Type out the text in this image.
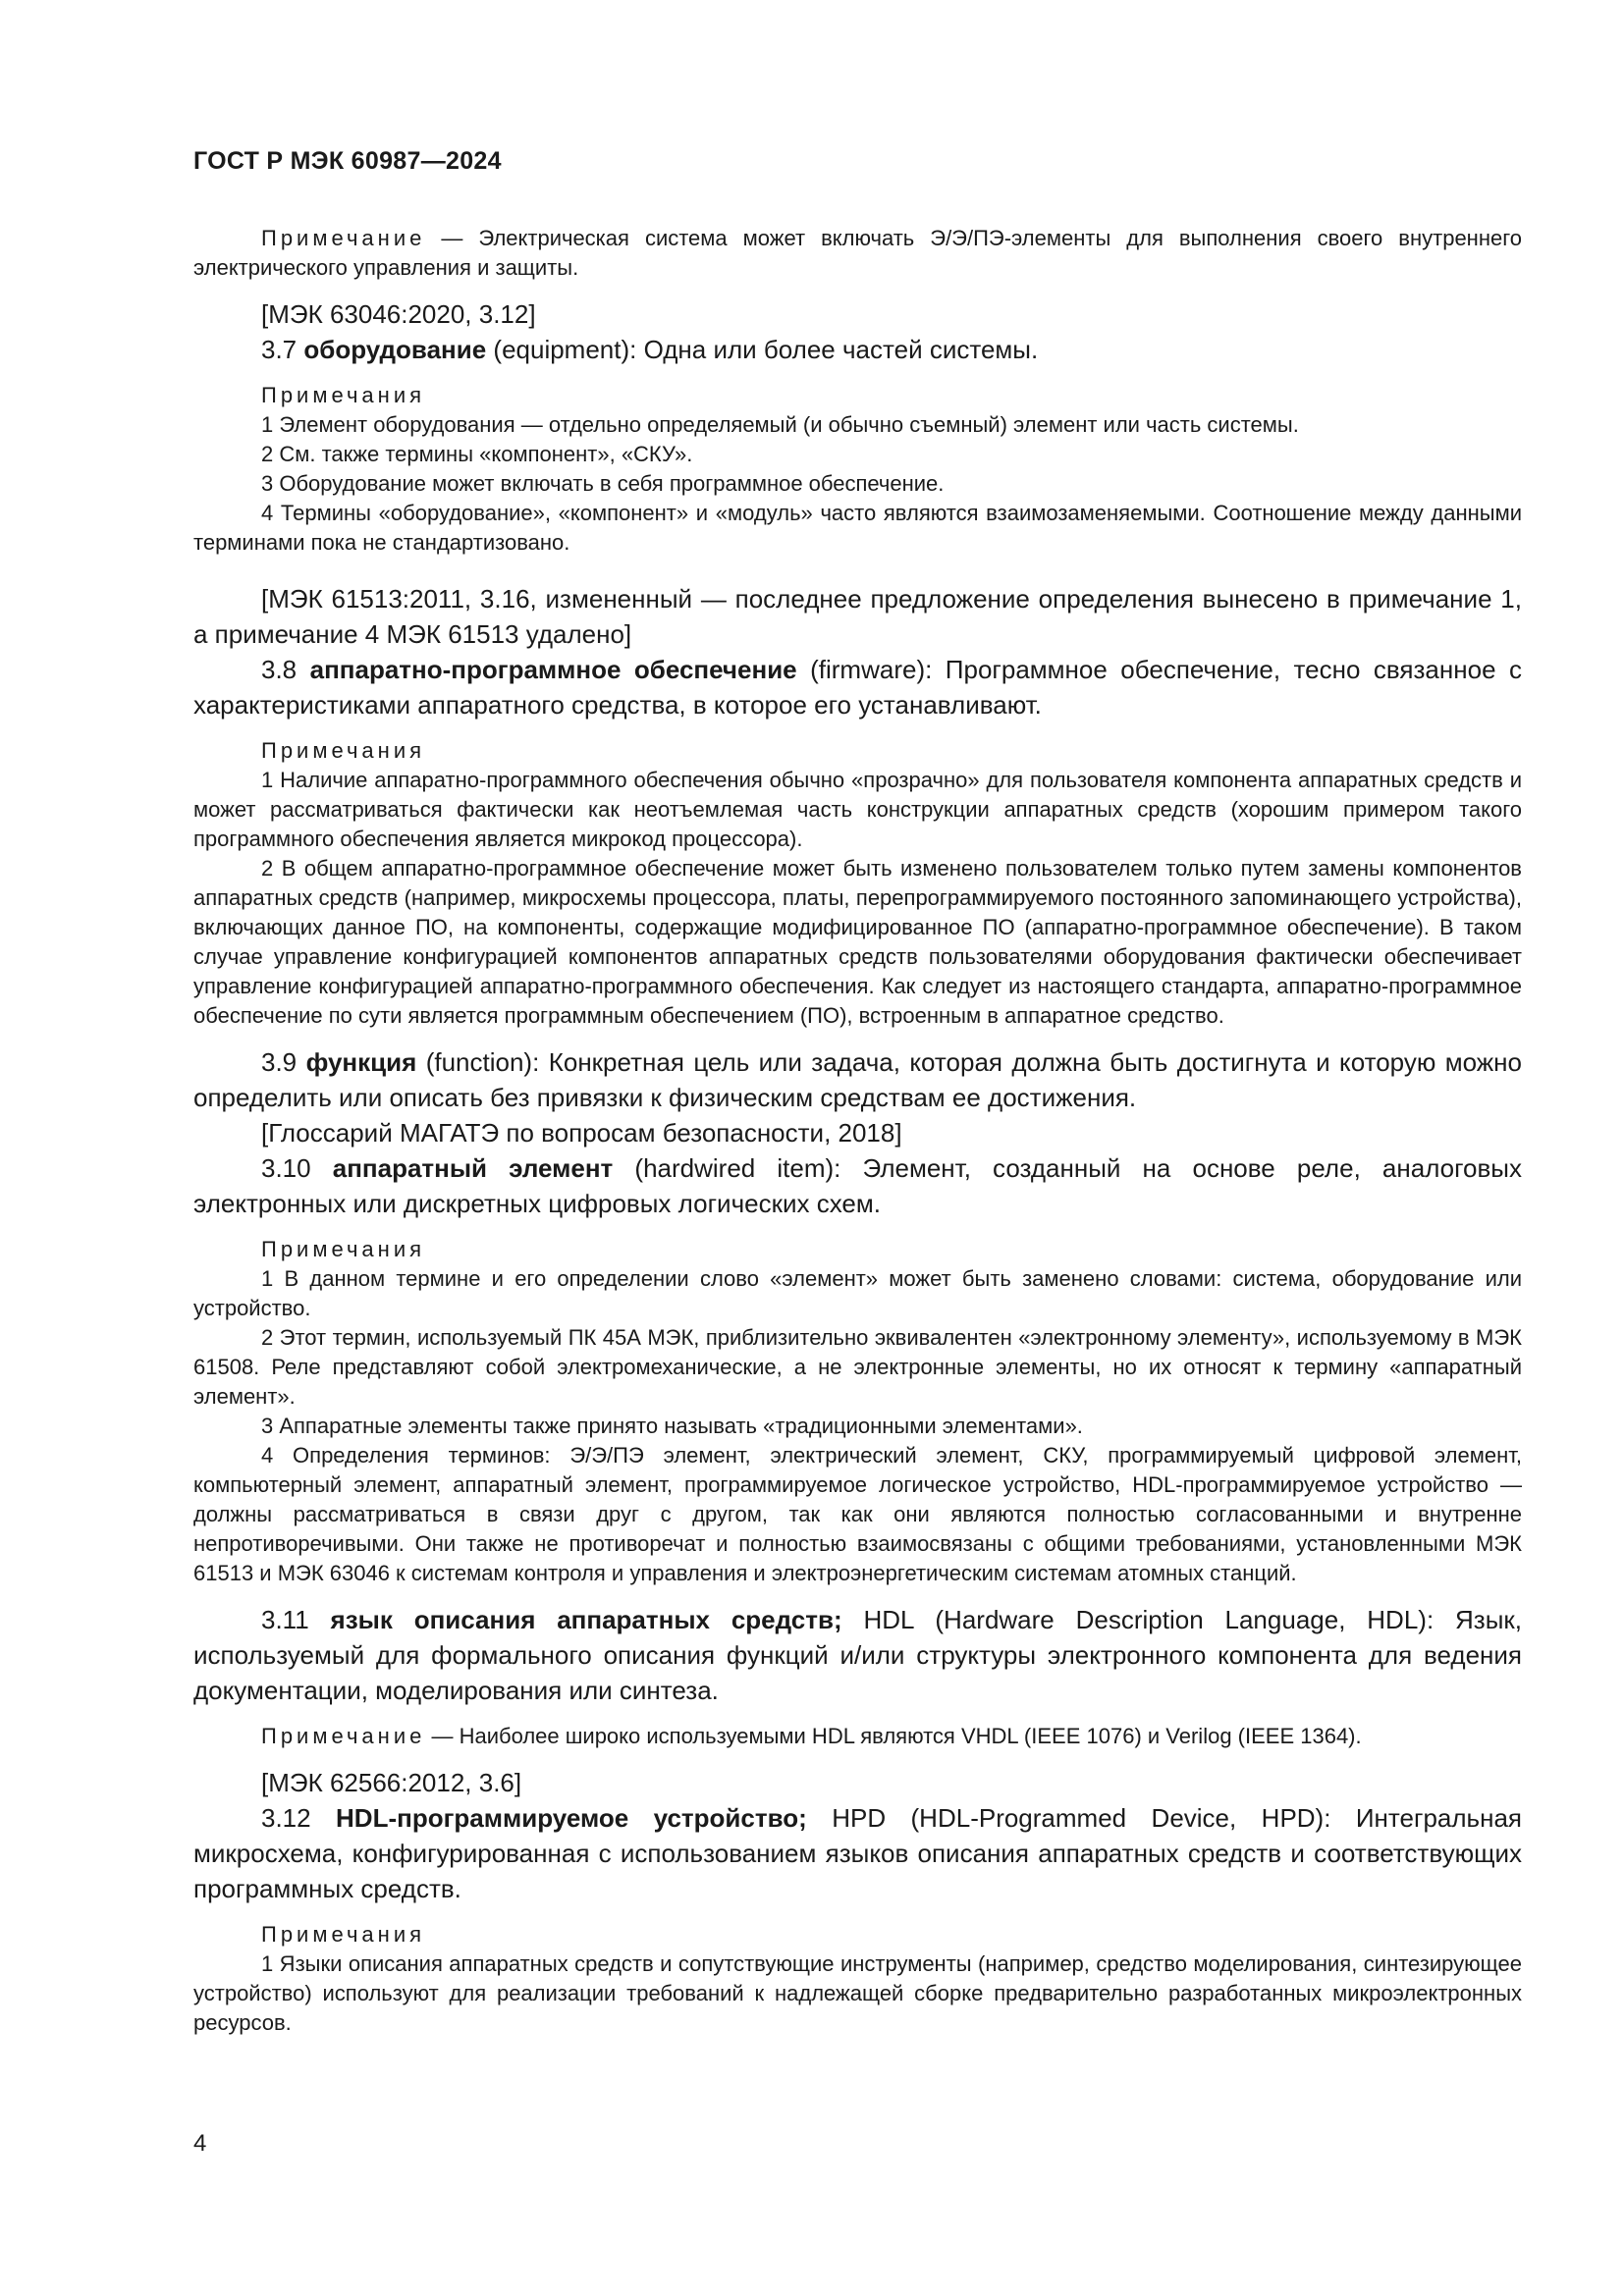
ГОСТ Р МЭК 60987—2024

Примечание — Электрическая система может включать Э/Э/ПЭ-элементы для выполнения своего внутреннего электрического управления и защиты.

[МЭК 63046:2020, 3.12]

3.7 оборудование (equipment): Одна или более частей системы.

Примечания

1 Элемент оборудования — отдельно определяемый (и обычно съемный) элемент или часть системы.

2 См. также термины «компонент», «СКУ».

3 Оборудование может включать в себя программное обеспечение.

4 Термины «оборудование», «компонент» и «модуль» часто являются взаимозаменяемыми. Соотношение между данными терминами пока не стандартизовано.

[МЭК 61513:2011, 3.16, измененный — последнее предложение определения вынесено в примечание 1, а примечание 4 МЭК 61513 удалено]

3.8 аппаратно-программное обеспечение (firmware): Программное обеспечение, тесно связанное с характеристиками аппаратного средства, в которое его устанавливают.

Примечания

1 Наличие аппаратно-программного обеспечения обычно «прозрачно» для пользователя компонента аппаратных средств и может рассматриваться фактически как неотъемлемая часть конструкции аппаратных средств (хорошим примером такого программного обеспечения является микрокод процессора).

2 В общем аппаратно-программное обеспечение может быть изменено пользователем только путем замены компонентов аппаратных средств (например, микросхемы процессора, платы, перепрограммируемого постоянного запоминающего устройства), включающих данное ПО, на компоненты, содержащие модифицированное ПО (аппаратно-программное обеспечение). В таком случае управление конфигурацией компонентов аппаратных средств пользователями оборудования фактически обеспечивает управление конфигурацией аппаратно-программного обеспечения. Как следует из настоящего стандарта, аппаратно-программное обеспечение по сути является программным обеспечением (ПО), встроенным в аппаратное средство.

3.9 функция (function): Конкретная цель или задача, которая должна быть достигнута и которую можно определить или описать без привязки к физическим средствам ее достижения.

[Глоссарий МАГАТЭ по вопросам безопасности, 2018]

3.10 аппаратный элемент (hardwired item): Элемент, созданный на основе реле, аналоговых электронных или дискретных цифровых логических схем.

Примечания

1 В данном термине и его определении слово «элемент» может быть заменено словами: система, оборудование или устройство.

2 Этот термин, используемый ПК 45А МЭК, приблизительно эквивалентен «электронному элементу», используемому в МЭК 61508. Реле представляют собой электромеханические, а не электронные элементы, но их относят к термину «аппаратный элемент».

3 Аппаратные элементы также принято называть «традиционными элементами».

4 Определения терминов: Э/Э/ПЭ элемент, электрический элемент, СКУ, программируемый цифровой элемент, компьютерный элемент, аппаратный элемент, программируемое логическое устройство, HDL-программируемое устройство — должны рассматриваться в связи друг с другом, так как они являются полностью согласованными и внутренне непротиворечивыми. Они также не противоречат и полностью взаимосвязаны с общими требованиями, установленными МЭК 61513 и МЭК 63046 к системам контроля и управления и электроэнергетическим системам атомных станций.

3.11 язык описания аппаратных средств; HDL (Hardware Description Language, HDL): Язык, используемый для формального описания функций и/или структуры электронного компонента для ведения документации, моделирования или синтеза.

Примечание — Наиболее широко используемыми HDL являются VHDL (IEEE 1076) и Verilog (IEEE 1364).

[МЭК 62566:2012, 3.6]

3.12 HDL-программируемое устройство; HPD (HDL-Programmed Device, HPD): Интегральная микросхема, конфигурированная с использованием языков описания аппаратных средств и соответствующих программных средств.

Примечания

1 Языки описания аппаратных средств и сопутствующие инструменты (например, средство моделирования, синтезирующее устройство) используют для реализации требований к надлежащей сборке предварительно разработанных микроэлектронных ресурсов.

4
